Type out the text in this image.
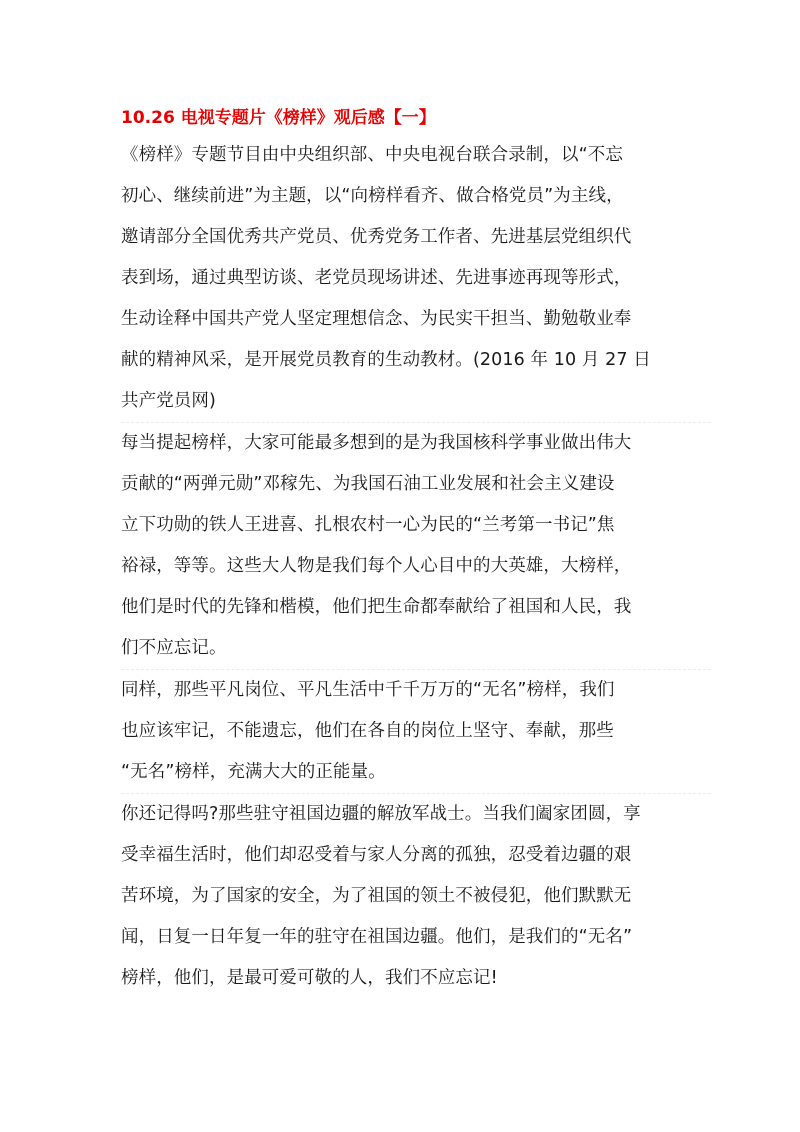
10.26 电视专题片《榜样》观后感【一】
《榜样》专题节目由中央组织部、中央电视台联合录制，以“不忘
初心、继续前进”为主题，以“向榜样看齐、做合格党员”为主线，
邀请部分全国优秀共产党员、优秀党务工作者、先进基层党组织代
表到场，通过典型访谈、老党员现场讲述、先进事迹再现等形式，
生动诠释中国共产党人坚定理想信念、为民实干担当、勤勉敬业奉
献的精神风采，是开展党员教育的生动教材。(2016 年 10 月 27 日
共产党员网)
每当提起榜样，大家可能最多想到的是为我国核科学事业做出伟大
贡献的“两弹元勋”邓稼先、为我国石油工业发展和社会主义建设
立下功勋的铁人王进喜、扎根农村一心为民的“兰考第一书记”焦
裕禄，等等。这些大人物是我们每个人心目中的大英雄，大榜样，
他们是时代的先锋和楷模，他们把生命都奉献给了祖国和人民，我
们不应忘记。
同样，那些平凡岗位、平凡生活中千千万万的“无名”榜样，我们
也应该牢记，不能遗忘，他们在各自的岗位上坚守、奉献，那些
“无名”榜样，充满大大的正能量。
你还记得吗?那些驻守祖国边疆的解放军战士。当我们阖家团圆，享
受幸福生活时，他们却忍受着与家人分离的孤独，忍受着边疆的艰
苦环境，为了国家的安全，为了祖国的领土不被侵犯，他们默默无
闻，日复一日年复一年的驻守在祖国边疆。他们，是我们的“无名”
榜样，他们，是最可爱可敬的人，我们不应忘记!
